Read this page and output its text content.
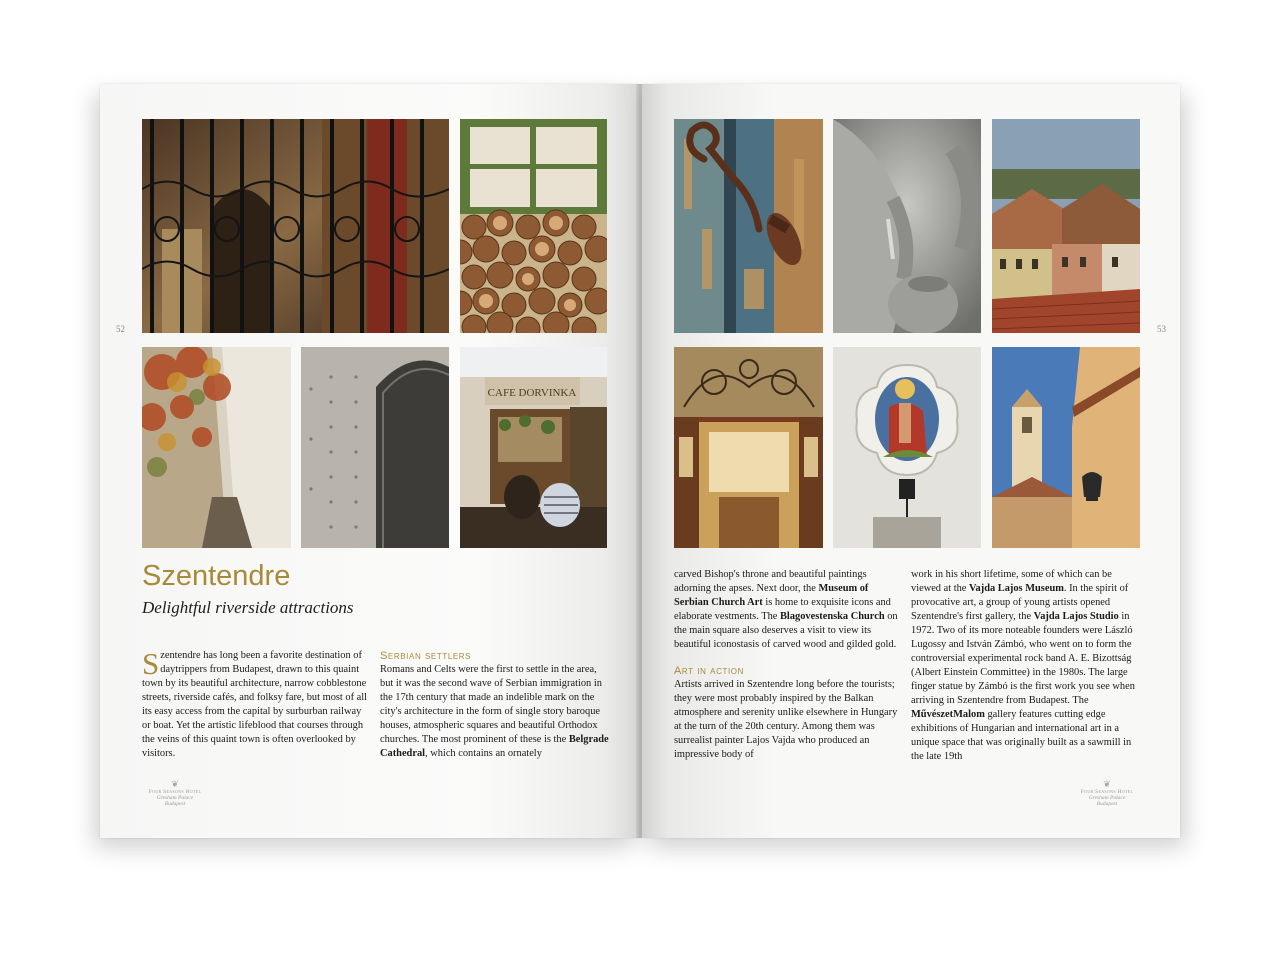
CAFE DORVINKA
52
Szentendre
Delightful riverside attractions

Szentendre has long been a favorite destination of daytrippers from Budapest, drawn to this quaint town by its beautiful architecture, narrow cobblestone streets, riverside cafés, and folksy fare, but most of all its easy access from the capital by surburban railway or boat. Yet the artistic lifeblood that courses through the veins of this quaint town is often overlooked by visitors.

Serbian settlers

Romans and Celts were the first to settle in the area, but it was the second wave of Serbian immigration in the 17th century that made an indelible mark on the city's architecture in the form of single story baroque houses, atmospheric squares and beautiful Orthodox churches. The most prominent of these is the Belgrade Cathedral, which contains an ornately

❦
Four Seasons Hotel
Gresham Palace
Budapest
53

carved Bishop's throne and beautiful paintings adorning the apses. Next door, the Museum of Serbian Church Art is home to exquisite icons and elaborate vestments. The Blagovestenska Church on the main square also deserves a visit to view its beautiful iconostasis of carved wood and gilded gold.

Art in action

Artists arrived in Szentendre long before the tourists; they were most probably inspired by the Balkan atmosphere and serenity unlike elsewhere in Hungary at the turn of the 20th century. Among them was surrealist painter Lajos Vajda who produced an impressive body of

work in his short lifetime, some of which can be viewed at the Vajda Lajos Museum. In the spirit of provocative art, a group of young artists opened Szentendre's first gallery, the Vajda Lajos Studio in 1972. Two of its more noteable founders were László Lugossy and István Zámbó, who went on to form the controversial experimental rock band A. E. Bizottság (Albert Einstein Committee) in the 1980s. The large finger statue by Zámbó is the first work you see when arriving in Szentendre from Budapest. The MűvészetMalom gallery features cutting edge exhibitions of Hungarian and international art in a unique space that was originally built as a sawmill in the late 19th

❦
Four Seasons Hotel
Gresham Palace
Budapest
